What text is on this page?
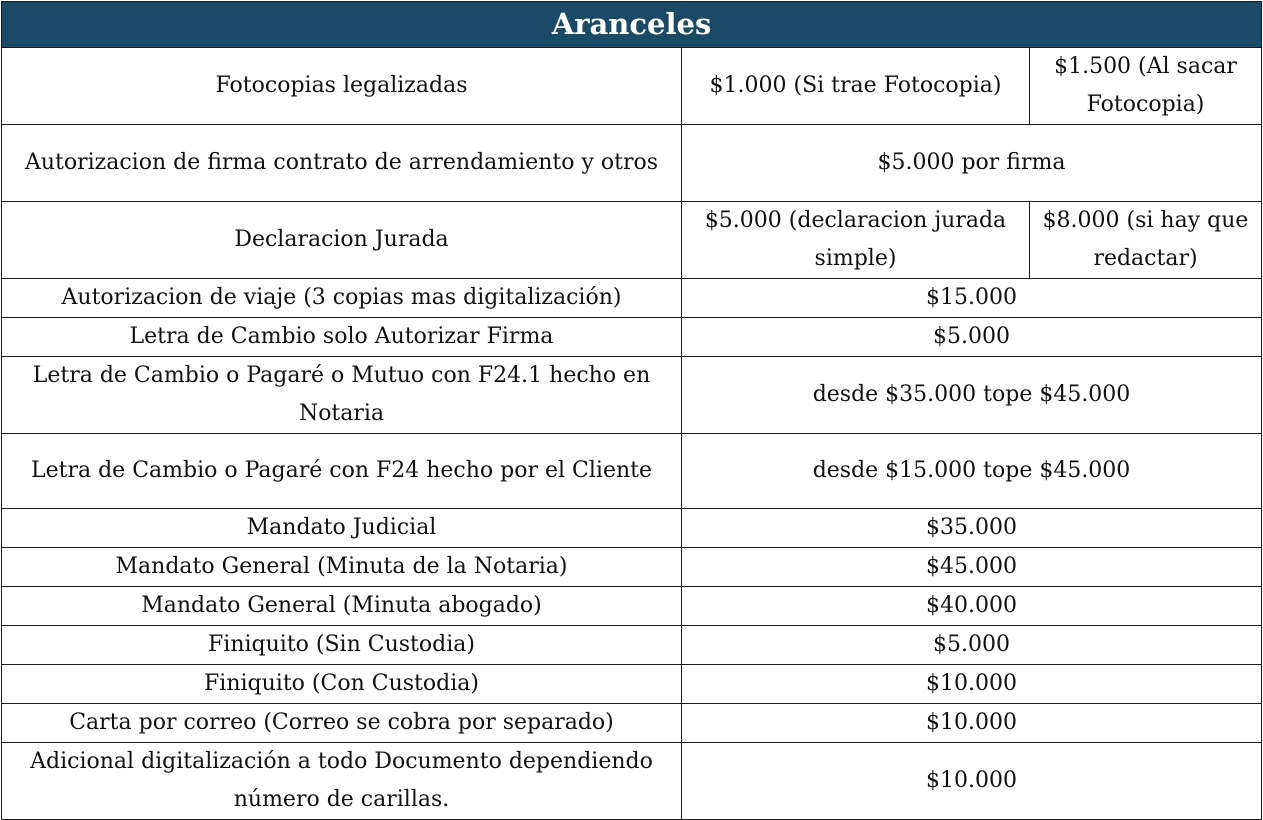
Aranceles		
Fotocopias legalizadas	$1.000 (Si trae Fotocopia)	$1.500 (Al sacar Fotocopia)
Autorizacion de firma contrato de arrendamiento y otros	$5.000 por firma	
Declaracion Jurada	$5.000 (declaracion jurada simple)	$8.000 (si hay que redactar)
Autorizacion de viaje (3 copias mas digitalización)	$15.000	
Letra de Cambio solo Autorizar Firma	$5.000	
Letra de Cambio o Pagaré o Mutuo con F24.1 hecho en Notaria	desde $35.000 tope $45.000	
Letra de Cambio o Pagaré con F24 hecho por el Cliente	desde $15.000 tope $45.000	
Mandato Judicial	$35.000	
Mandato General (Minuta de la Notaria)	$45.000	
Mandato General (Minuta abogado)	$40.000	
Finiquito (Sin Custodia)	$5.000	
Finiquito (Con Custodia)	$10.000	
Carta por correo (Correo se cobra por separado)	$10.000	
Adicional digitalización a todo Documento dependiendo número de carillas.	$10.000	
